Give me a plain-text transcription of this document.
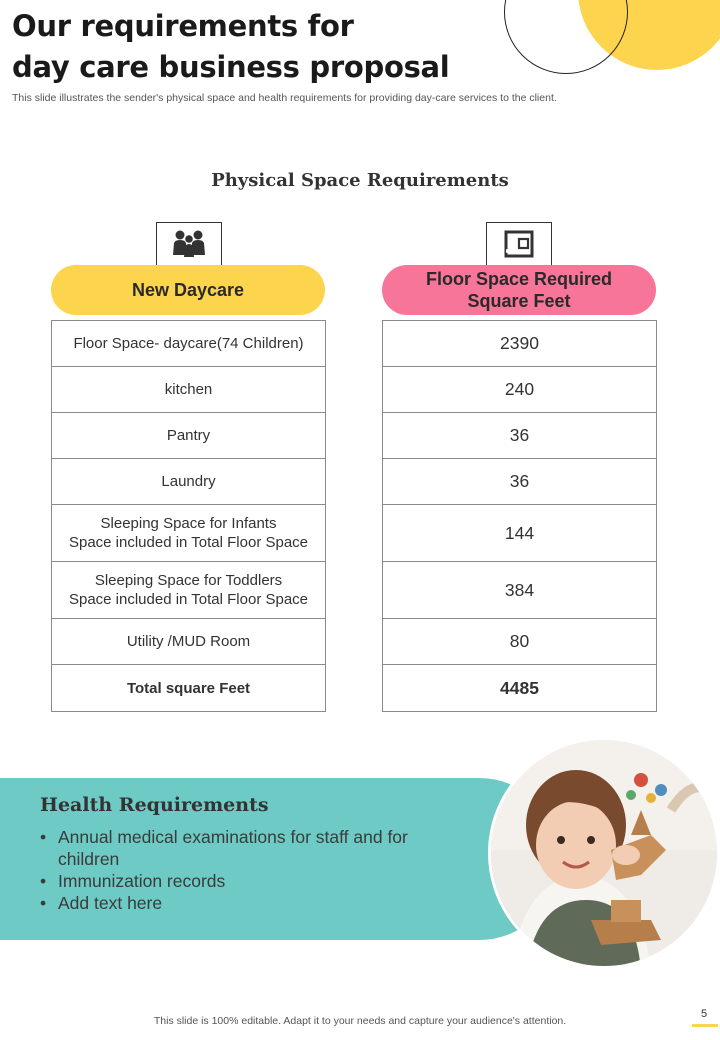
Our requirements for
day care business proposal
This slide illustrates the sender's physical space and health requirements for providing day-care services to the client.
Physical Space Requirements
New Daycare
Floor Space Required
Square Feet
Floor Space- daycare(74 Children)
kitchen
Pantry
Laundry
Sleeping Space for Infants
Space included in Total Floor Space
Sleeping Space for Toddlers
Space included in Total Floor Space
Utility /MUD Room
Total square Feet
2390
240
36
36
144
384
80
4485
Health Requirements
• Annual medical examinations for staff and for children
• Immunization records
• Add text here
This slide is 100% editable. Adapt it to your needs and capture your audience's attention.
5
